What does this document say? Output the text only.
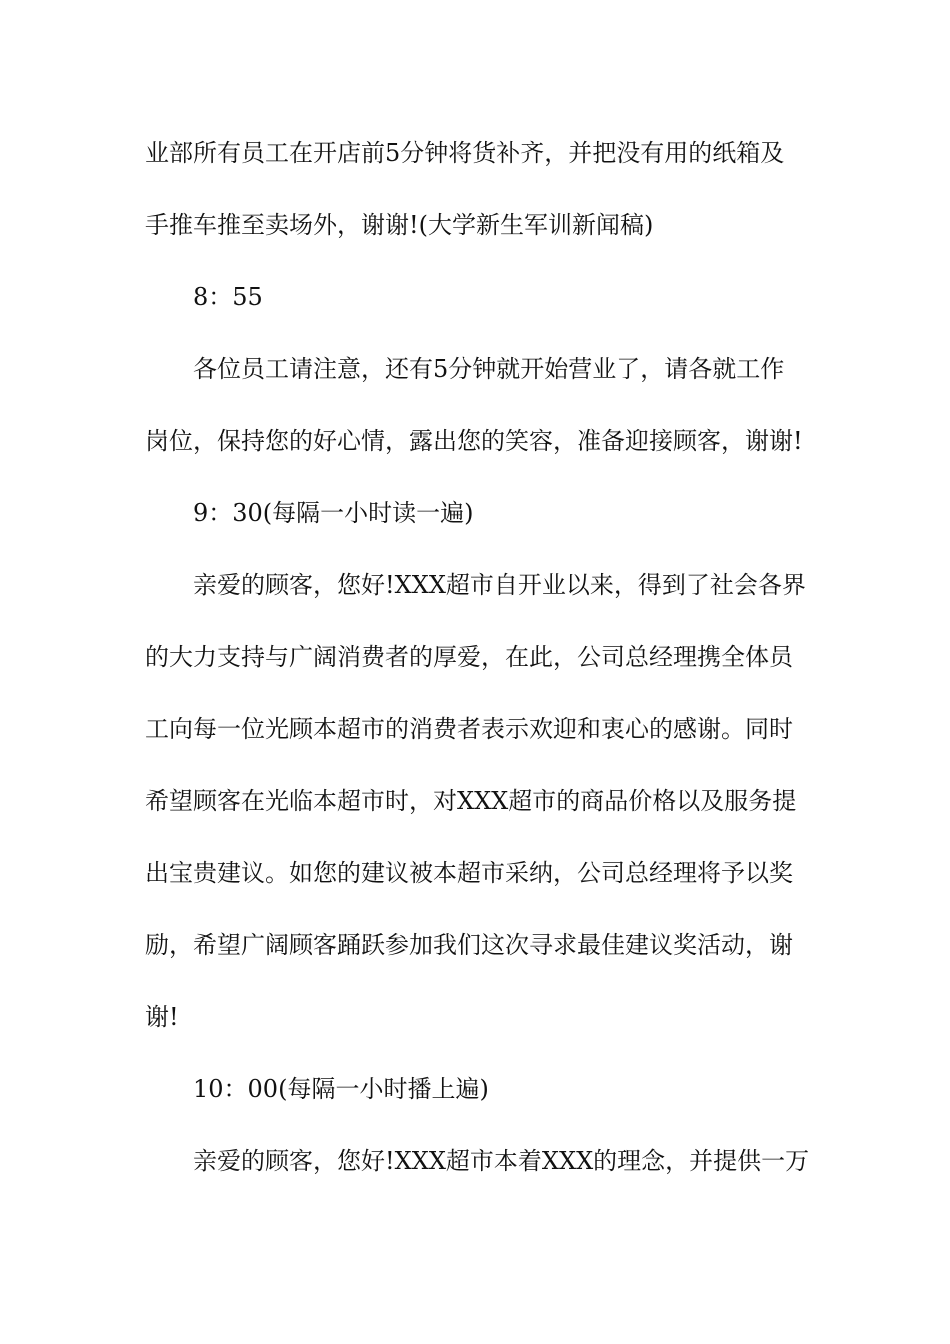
业部所有员工在开店前5分钟将货补齐，并把没有用的纸箱及
手推车推至卖场外，谢谢!(大学新生军训新闻稿)
8：55
各位员工请注意，还有5分钟就开始营业了，请各就工作
岗位，保持您的好心情，露出您的笑容，准备迎接顾客，谢谢!
9：30(每隔一小时读一遍)
亲爱的顾客，您好!XXX超市自开业以来，得到了社会各界
的大力支持与广阔消费者的厚爱，在此，公司总经理携全体员
工向每一位光顾本超市的消费者表示欢迎和衷心的感谢。同时
希望顾客在光临本超市时，对XXX超市的商品价格以及服务提
出宝贵建议。如您的建议被本超市采纳，公司总经理将予以奖
励，希望广阔顾客踊跃参加我们这次寻求最佳建议奖活动，谢
谢!
10：00(每隔一小时播上遍)
亲爱的顾客，您好!XXX超市本着XXX的理念，并提供一万
